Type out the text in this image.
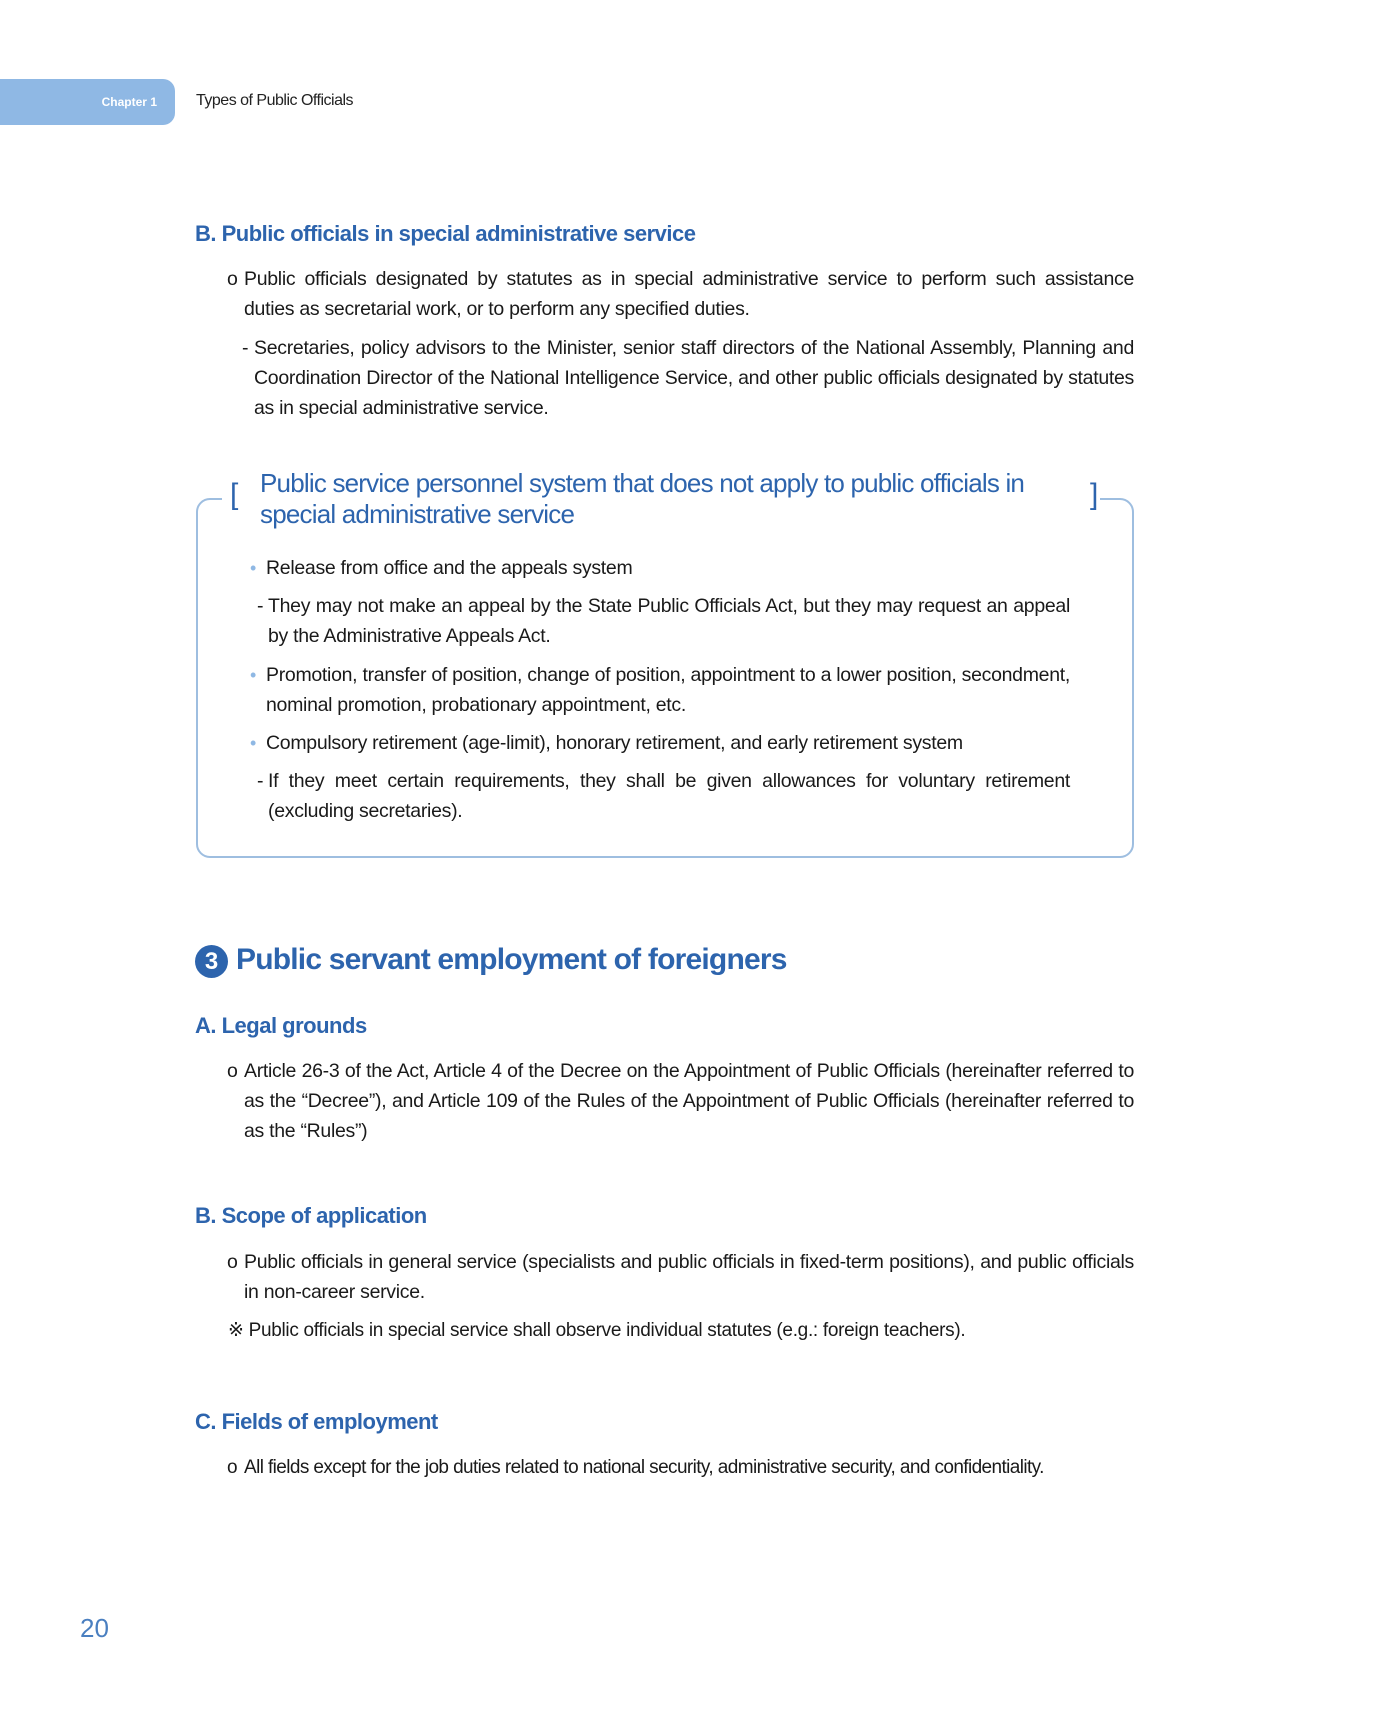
Chapter 1 Types of Public Officials
B. Public officials in special administrative service
o Public officials designated by statutes as in special administrative service to perform such assistance duties as secretarial work, or to perform any specified duties.
- Secretaries, policy advisors to the Minister, senior staff directors of the National Assembly, Planning and Coordination Director of the National Intelligence Service, and other public officials designated by statutes as in special administrative service.
[	]
Public service personnel system that does not apply to public officials in special administrative service
• Release from office and the appeals system
- They may not make an appeal by the State Public Officials Act, but they may request an appeal by the Administrative Appeals Act.
• Promotion, transfer of position, change of position, appointment to a lower position, secondment, nominal promotion, probationary appointment, etc.
• Compulsory retirement (age-limit), honorary retirement, and early retirement system
- If they meet certain requirements, they shall be given allowances for voluntary retirement (excluding secretaries).
3 Public servant employment of foreigners
A. Legal grounds
o Article 26-3 of the Act, Article 4 of the Decree on the Appointment of Public Officials (hereinafter referred to as the “Decree”), and Article 109 of the Rules of the Appointment of Public Officials (hereinafter referred to as the “Rules”)
B. Scope of application
o Public officials in general service (specialists and public officials in fixed-term positions), and public officials in non-career service.
※ Public officials in special service shall observe individual statutes (e.g.: foreign teachers).
C. Fields of employment
o All fields except for the job duties related to national security, administrative security, and confidentiality.
20
